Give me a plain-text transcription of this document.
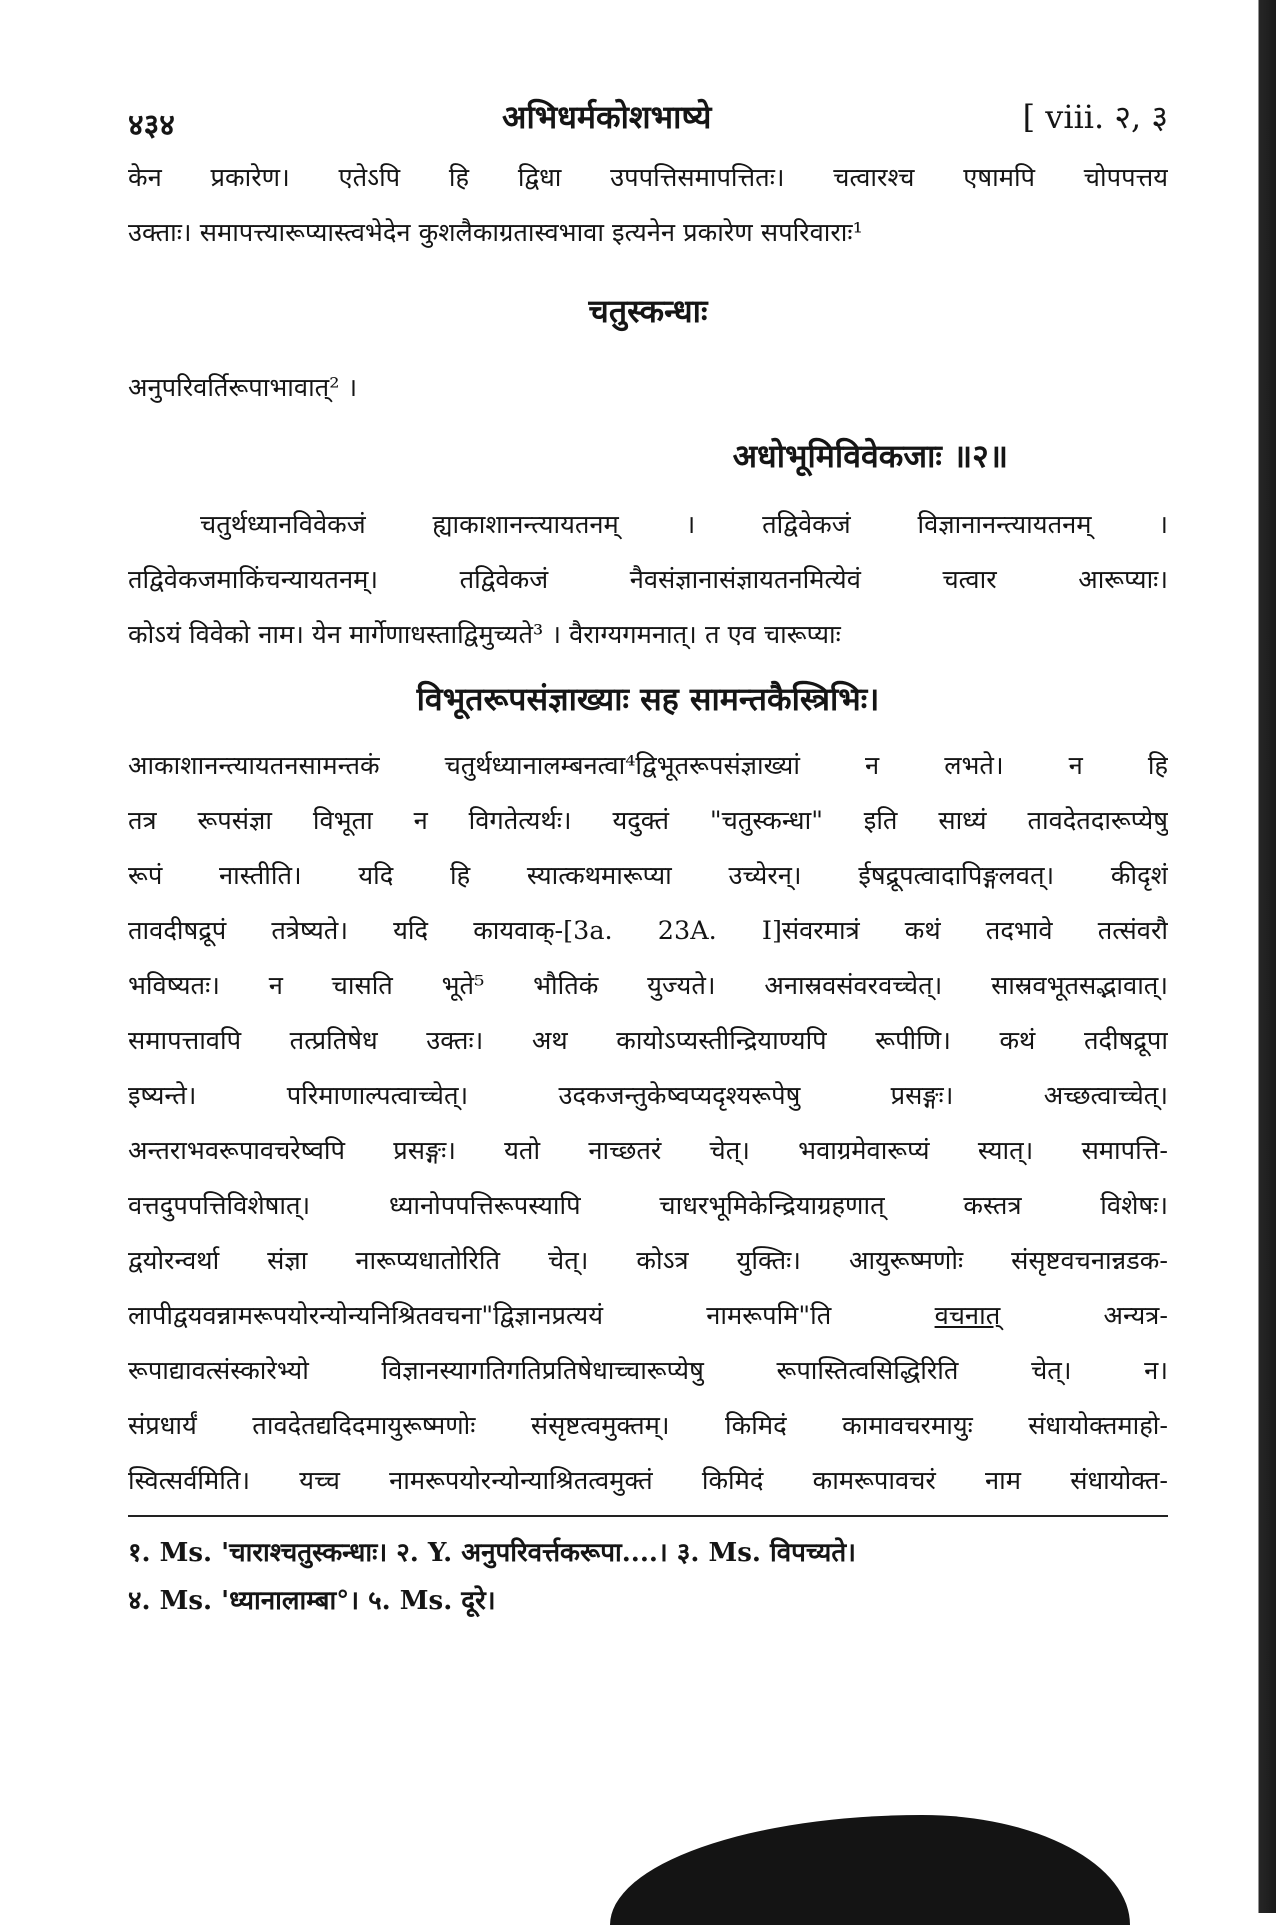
४३४	अभिधर्मकोशभाष्ये	[ viii. २, ३
केन प्रकारेण। एतेऽपि हि द्विधा उपपत्तिसमापत्तितः। चत्वारश्च एषामपि चोपपत्तय
उक्ताः। समापत्त्यारूप्यास्त्वभेदेन कुशलैकाग्रतास्वभावा इत्यनेन प्रकारेण सपरिवाराः¹
चतुस्कन्धाः
अनुपरिवर्तिरूपाभावात्² ।
अधोभूमिविवेकजाः ॥२॥
चतुर्थध्यानविवेकजं ह्याकाशानन्त्यायतनम् । तद्विवेकजं विज्ञानानन्त्यायतनम् ।
तद्विवेकजमाकिंचन्यायतनम्। तद्विवेकजं नैवसंज्ञानासंज्ञायतनमित्येवं चत्वार आरूप्याः।
कोऽयं विवेको नाम। येन मार्गेणाधस्ताद्विमुच्यते³ । वैराग्यगमनात्। त एव चारूप्याः
विभूतरूपसंज्ञाख्याः सह सामन्तकैस्त्रिभिः।
आकाशानन्त्यायतनसामन्तकं चतुर्थध्यानालम्बनत्वा⁴द्विभूतरूपसंज्ञाख्यां न लभते। न हि
तत्र रूपसंज्ञा विभूता न विगतेत्यर्थः। यदुक्तं "चतुस्कन्धा" इति साध्यं तावदेतदारूप्येषु
रूपं नास्तीति। यदि हि स्यात्कथमारूप्या उच्येरन्। ईषद्रूपत्वादापिङ्गलवत्। कीदृशं
तावदीषद्रूपं तत्रेष्यते। यदि कायवाक्-[3a. 23A. I]संवरमात्रं कथं तदभावे तत्संवरौ
भविष्यतः। न चासति भूते⁵ भौतिकं युज्यते। अनास्रवसंवरवच्चेत्। सास्रवभूतसद्भावात्।
समापत्तावपि तत्प्रतिषेध उक्तः। अथ कायोऽप्यस्तीन्द्रियाण्यपि रूपीणि। कथं तदीषद्रूपा
इष्यन्ते। परिमाणाल्पत्वाच्चेत्। उदकजन्तुकेष्वप्यदृश्यरूपेषु प्रसङ्गः। अच्छत्वाच्चेत्।
अन्तराभवरूपावचरेष्वपि प्रसङ्गः। यतो नाच्छतरं चेत्। भवाग्रमेवारूप्यं स्यात्। समापत्ति-
वत्तदुपपत्तिविशेषात्। ध्यानोपपत्तिरूपस्यापि चाधरभूमिकेन्द्रियाग्रहणात् कस्तत्र विशेषः।
द्वयोरन्वर्था संज्ञा नारूप्यधातोरिति चेत्। कोऽत्र युक्तिः। आयुरूष्मणोः संसृष्टवचनान्नडक-
लापीद्वयवन्नामरूपयोरन्योन्यनिश्रितवचना"द्विज्ञानप्रत्ययं नामरूपमि"ति	वचनात्	अन्यत्र-
रूपाद्यावत्संस्कारेभ्यो विज्ञानस्यागतिगतिप्रतिषेधाच्चारूप्येषु रूपास्तित्वसिद्धिरिति चेत्। न।
संप्रधार्यं तावदेतद्यदिदमायुरूष्मणोः संसृष्टत्वमुक्तम्। किमिदं कामावचरमायुः संधायोक्तमाहो-
स्वित्सर्वमिति। यच्च नामरूपयोरन्योन्याश्रितत्वमुक्तं किमिदं कामरूपावचरं नाम संधायोक्त-
१. Ms. 'चाराश्चतुस्कन्धाः। २. Y. अनुपरिवर्त्तकरूपा....। ३. Ms. विपच्यते।
४. Ms. 'ध्यानालाम्बा°। ५. Ms. दूरे।
